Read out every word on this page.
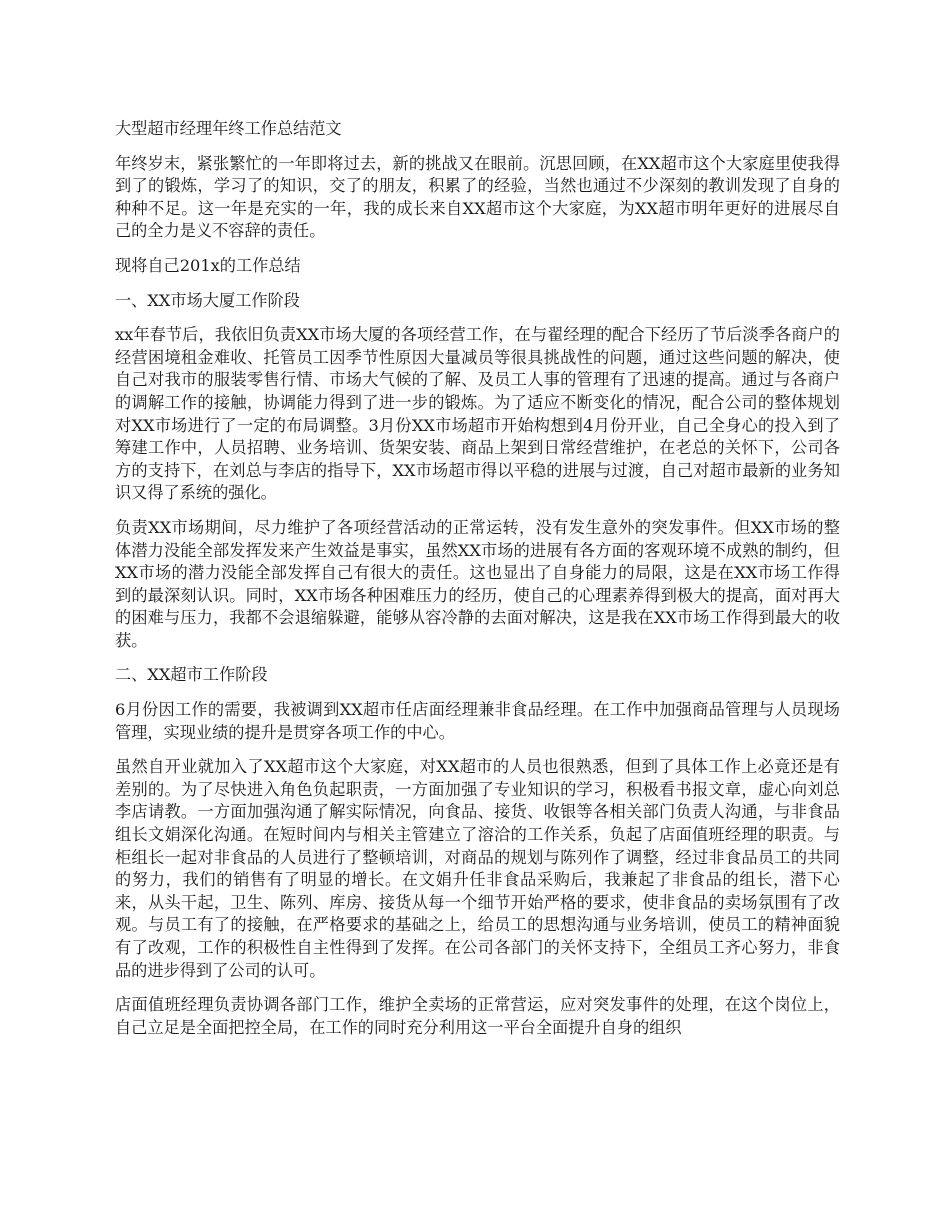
大型超市经理年终工作总结范文

年终岁末，紧张繁忙的一年即将过去，新的挑战又在眼前。沉思回顾，在XX超市这个大家庭里使我得到了的锻炼，学习了的知识，交了的朋友，积累了的经验，当然也通过不少深刻的教训发现了自身的种种不足。这一年是充实的一年，我的成长来自XX超市这个大家庭，为XX超市明年更好的进展尽自己的全力是义不容辞的责任。

现将自己201x的工作总结

一、XX市场大厦工作阶段

xx年春节后，我依旧负责XX市场大厦的各项经营工作，在与翟经理的配合下经历了节后淡季各商户的经营困境租金难收、托管员工因季节性原因大量减员等很具挑战性的问题，通过这些问题的解决，使自己对我市的服装零售行情、市场大气候的了解、及员工人事的管理有了迅速的提高。通过与各商户的调解工作的接触，协调能力得到了进一步的锻炼。为了适应不断变化的情况，配合公司的整体规划对XX市场进行了一定的布局调整。3月份XX市场超市开始构想到4月份开业，自己全身心的投入到了筹建工作中，人员招聘、业务培训、货架安装、商品上架到日常经营维护，在老总的关怀下，公司各方的支持下，在刘总与李店的指导下，XX市场超市得以平稳的进展与过渡，自己对超市最新的业务知识又得了系统的强化。

负责XX市场期间，尽力维护了各项经营活动的正常运转，没有发生意外的突发事件。但XX市场的整体潜力没能全部发挥发来产生效益是事实，虽然XX市场的进展有各方面的客观环境不成熟的制约，但XX市场的潜力没能全部发挥自己有很大的责任。这也显出了自身能力的局限，这是在XX市场工作得到的最深刻认识。同时，XX市场各种困难压力的经历，使自己的心理素养得到极大的提高，面对再大的困难与压力，我都不会退缩躲避，能够从容冷静的去面对解决，这是我在XX市场工作得到最大的收获。

二、XX超市工作阶段

6月份因工作的需要，我被调到XX超市任店面经理兼非食品经理。在工作中加强商品管理与人员现场管理，实现业绩的提升是贯穿各项工作的中心。

虽然自开业就加入了XX超市这个大家庭，对XX超市的人员也很熟悉，但到了具体工作上必竟还是有差别的。为了尽快进入角色负起职责，一方面加强了专业知识的学习，积极看书报文章，虚心向刘总李店请教。一方面加强沟通了解实际情况，向食品、接货、收银等各相关部门负责人沟通，与非食品组长文娟深化沟通。在短时间内与相关主管建立了溶洽的工作关系，负起了店面值班经理的职责。与柜组长一起对非食品的人员进行了整顿培训，对商品的规划与陈列作了调整，经过非食品员工的共同的努力，我们的销售有了明显的增长。在文娟升任非食品采购后，我兼起了非食品的组长，潜下心来，从头干起，卫生、陈列、库房、接货从每一个细节开始严格的要求，使非食品的卖场氛围有了改观。与员工有了的接触，在严格要求的基础之上，给员工的思想沟通与业务培训，使员工的精神面貌有了改观，工作的积极性自主性得到了发挥。在公司各部门的关怀支持下，全组员工齐心努力，非食品的进步得到了公司的认可。

店面值班经理负责协调各部门工作，维护全卖场的正常营运，应对突发事件的处理，在这个岗位上，自己立足是全面把控全局，在工作的同时充分利用这一平台全面提升自身的组织
